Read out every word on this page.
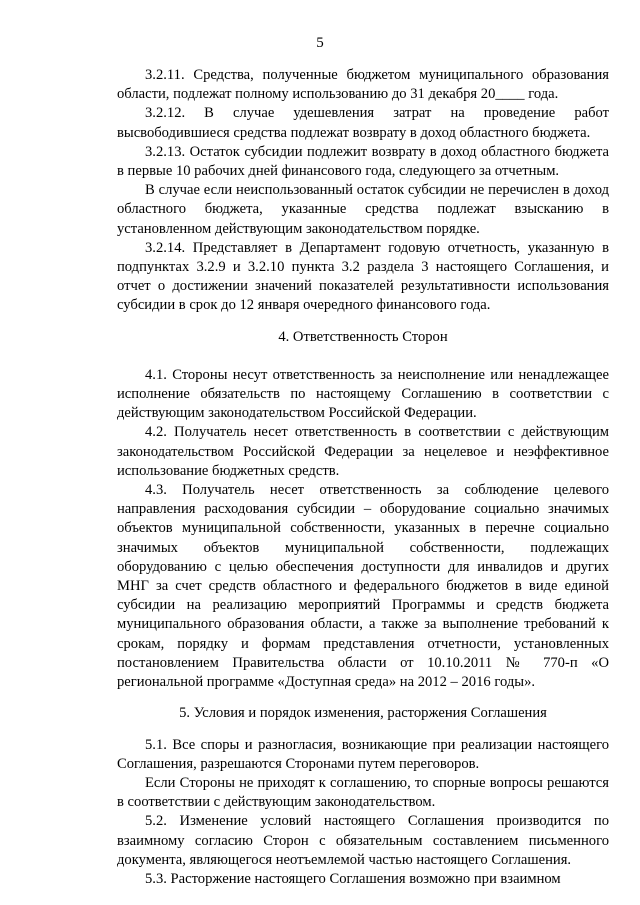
5

3.2.11. Средства, полученные бюджетом муниципального образования области, подлежат полному использованию до 31 декабря 20____ года.

3.2.12. В случае удешевления затрат на проведение работ высвободившиеся средства подлежат возврату в доход областного бюджета.

3.2.13. Остаток субсидии подлежит возврату в доход областного бюджета в первые 10 рабочих дней финансового года, следующего за отчетным.

В случае если неиспользованный остаток субсидии не перечислен в доход областного бюджета, указанные средства подлежат взысканию в установленном действующим законодательством порядке.

3.2.14. Представляет в Департамент годовую отчетность, указанную в подпунктах 3.2.9 и 3.2.10 пункта 3.2 раздела 3 настоящего Соглашения, и отчет о достижении значений показателей результативности использования субсидии в срок до 12 января очередного финансового года.

4. Ответственность Сторон

4.1. Стороны несут ответственность за неисполнение или ненадлежащее исполнение обязательств по настоящему Соглашению в соответствии с действующим законодательством Российской Федерации.

4.2. Получатель несет ответственность в соответствии с действующим законодательством Российской Федерации за нецелевое и неэффективное использование бюджетных средств.

4.3. Получатель несет ответственность за соблюдение целевого направления расходования субсидии – оборудование социально значимых объектов муниципальной собственности, указанных в перечне социально значимых объектов муниципальной собственности, подлежащих оборудованию с целью обеспечения доступности для инвалидов и других МНГ за счет средств областного и федерального бюджетов в виде единой субсидии на реализацию мероприятий Программы и средств бюджета муниципального образования области, а также за выполнение требований к срокам, порядку и формам представления отчетности, установленных постановлением Правительства области от 10.10.2011 № 770-п «О региональной программе «Доступная среда» на 2012 – 2016 годы».

5. Условия и порядок изменения, расторжения Соглашения

5.1. Все споры и разногласия, возникающие при реализации настоящего Соглашения, разрешаются Сторонами путем переговоров.

Если Стороны не приходят к соглашению, то спорные вопросы решаются в соответствии с действующим законодательством.

5.2. Изменение условий настоящего Соглашения производится по взаимному согласию Сторон с обязательным составлением письменного документа, являющегося неотъемлемой частью настоящего Соглашения.

5.3. Расторжение настоящего Соглашения возможно при взаимном
